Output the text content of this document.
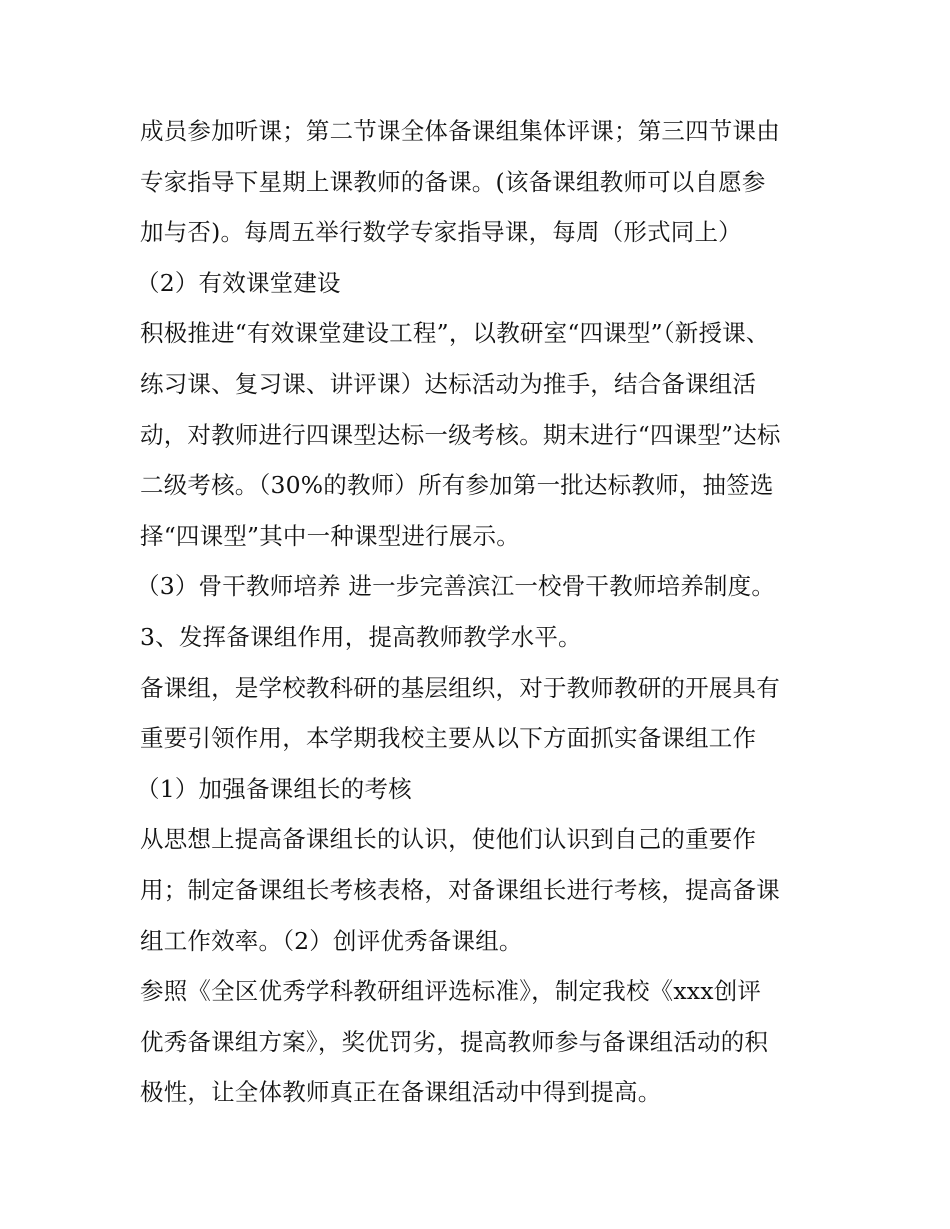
成员参加听课；第二节课全体备课组集体评课；第三四节课由
专家指导下星期上课教师的备课。(该备课组教师可以自愿参
加与否)。每周五举行数学专家指导课，每周（形式同上）
（2）有效课堂建设
积极推进“有效课堂建设工程”，以教研室“四课型”（新授课、
练习课、复习课、讲评课）达标活动为推手，结合备课组活
动，对教师进行四课型达标一级考核。期末进行“四课型”达标
二级考核。（30%的教师）所有参加第一批达标教师，抽签选
择“四课型”其中一种课型进行展示。
（3）骨干教师培养 进一步完善滨江一校骨干教师培养制度。
3、发挥备课组作用，提高教师教学水平。
备课组，是学校教科研的基层组织，对于教师教研的开展具有
重要引领作用，本学期我校主要从以下方面抓实备课组工作
（1）加强备课组长的考核
从思想上提高备课组长的认识，使他们认识到自己的重要作
用；制定备课组长考核表格，对备课组长进行考核，提高备课
组工作效率。（2）创评优秀备课组。
参照《全区优秀学科教研组评选标准》，制定我校《xxx创评
优秀备课组方案》，奖优罚劣，提高教师参与备课组活动的积
极性，让全体教师真正在备课组活动中得到提高。
